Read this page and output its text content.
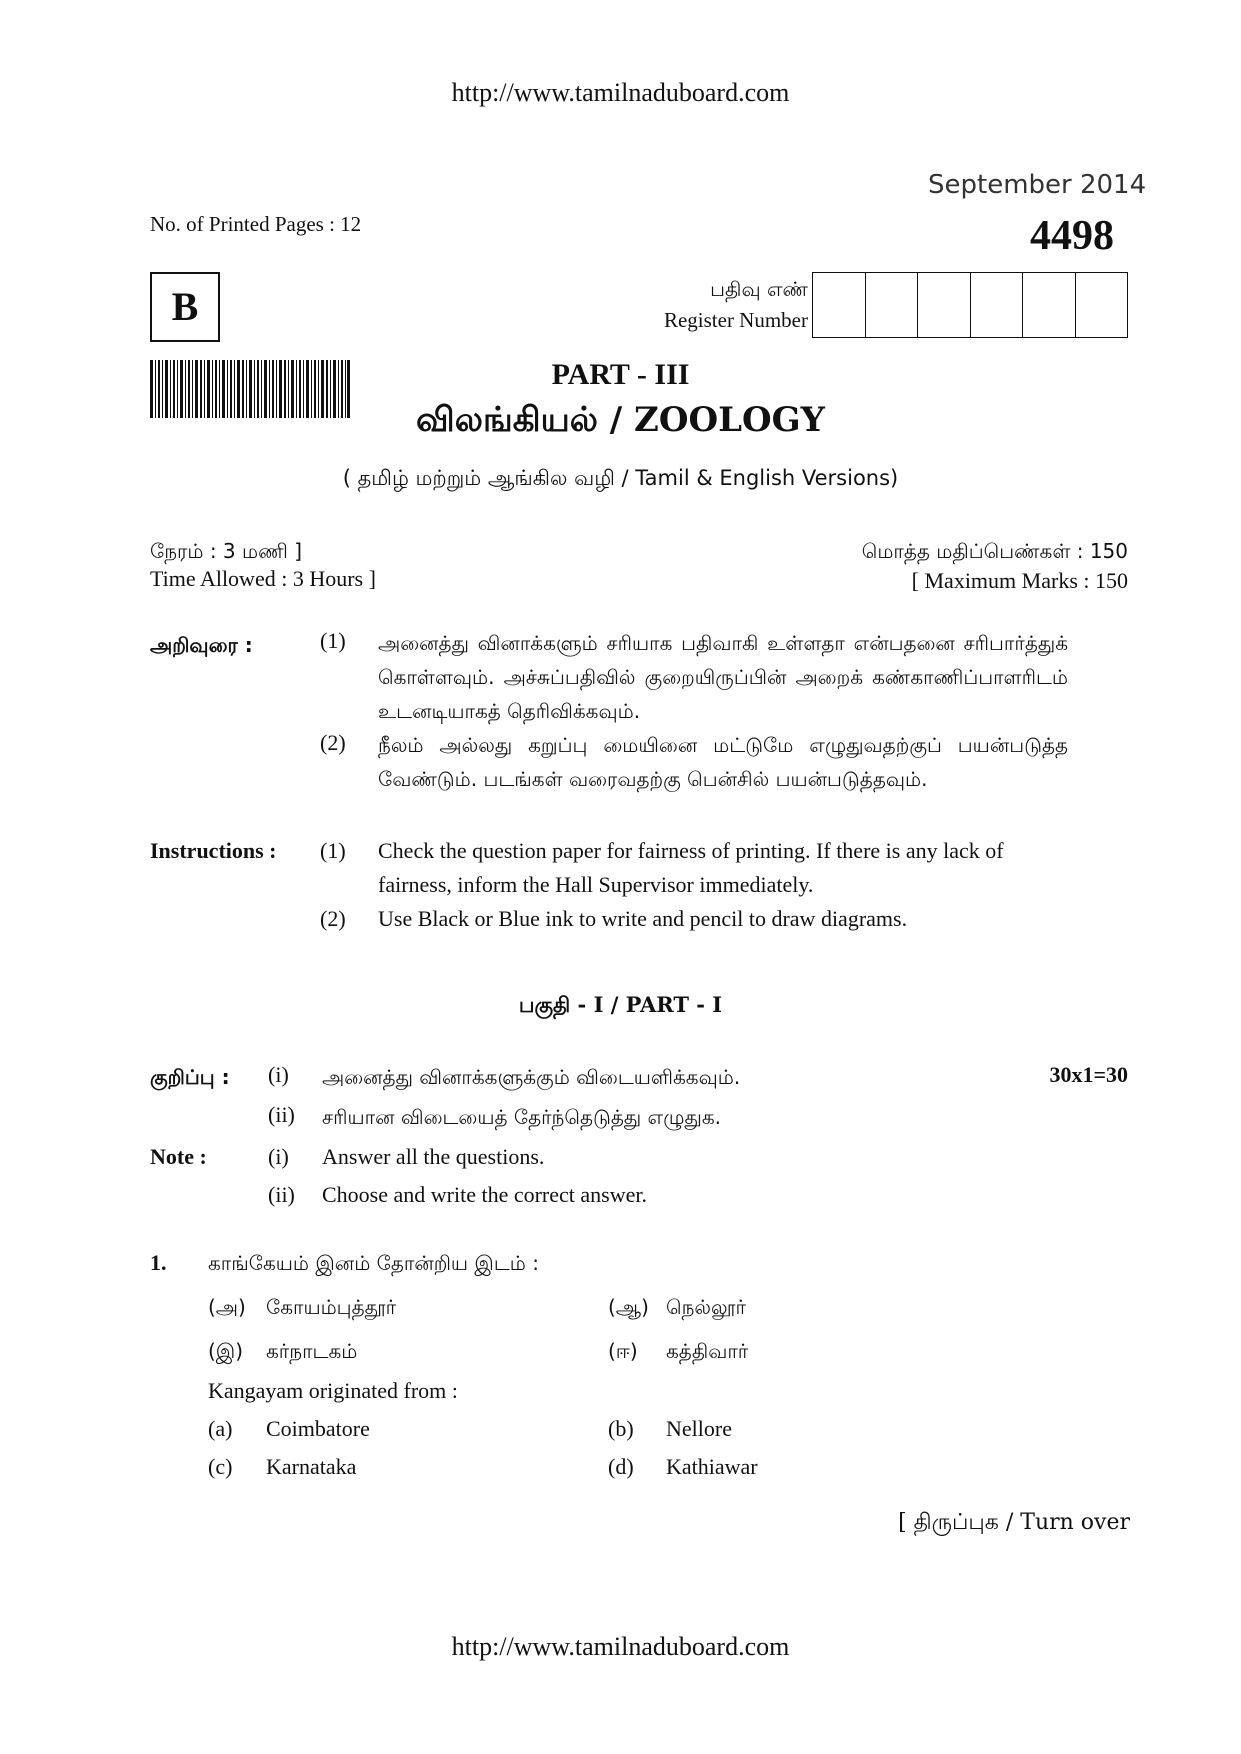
http://www.tamilnaduboard.com
September 2014
No. of Printed Pages : 12	4498
B	பதிவு எண்
Register Number
PART - III
விலங்கியல் / ZOOLOGY
( தமிழ் மற்றும் ஆங்கில வழி / Tamil & English Versions)
நேரம் : 3 மணி ]
Time Allowed : 3 Hours ]
மொத்த மதிப்பெண்கள் : 150
[ Maximum Marks : 150
அறிவுரை :	(1) அனைத்து வினாக்களும் சரியாக பதிவாகி உள்ளதா என்பதனை சரிபார்த்துக் கொள்ளவும். அச்சுப்பதிவில் குறையிருப்பின் அறைக் கண்காணிப்பாளரிடம் உடனடியாகத் தெரிவிக்கவும்.
(2) நீலம் அல்லது கறுப்பு மையினை மட்டுமே எழுதுவதற்குப் பயன்படுத்த வேண்டும். படங்கள் வரைவதற்கு பென்சில் பயன்படுத்தவும்.
Instructions : (1) Check the question paper for fairness of printing. If there is any lack of fairness, inform the Hall Supervisor immediately.
(2) Use Black or Blue ink to write and pencil to draw diagrams.
பகுதி - I / PART - I
குறிப்பு : (i) அனைத்து வினாக்களுக்கும் விடையளிக்கவும்.	30x1=30
(ii) சரியான விடையைத் தேர்ந்தெடுத்து எழுதுக.
Note :	(i) Answer all the questions.
(ii) Choose and write the correct answer.
1. காங்கேயம் இனம் தோன்றிய இடம் :
(அ) கோயம்புத்தூர்	(ஆ) நெல்லூர்
(இ) கர்நாடகம்	(ஈ) கத்திவார்
Kangayam originated from :
(a) Coimbatore	(b) Nellore
(c) Karnataka	(d) Kathiawar
[ திருப்புக / Turn over
http://www.tamilnaduboard.com
